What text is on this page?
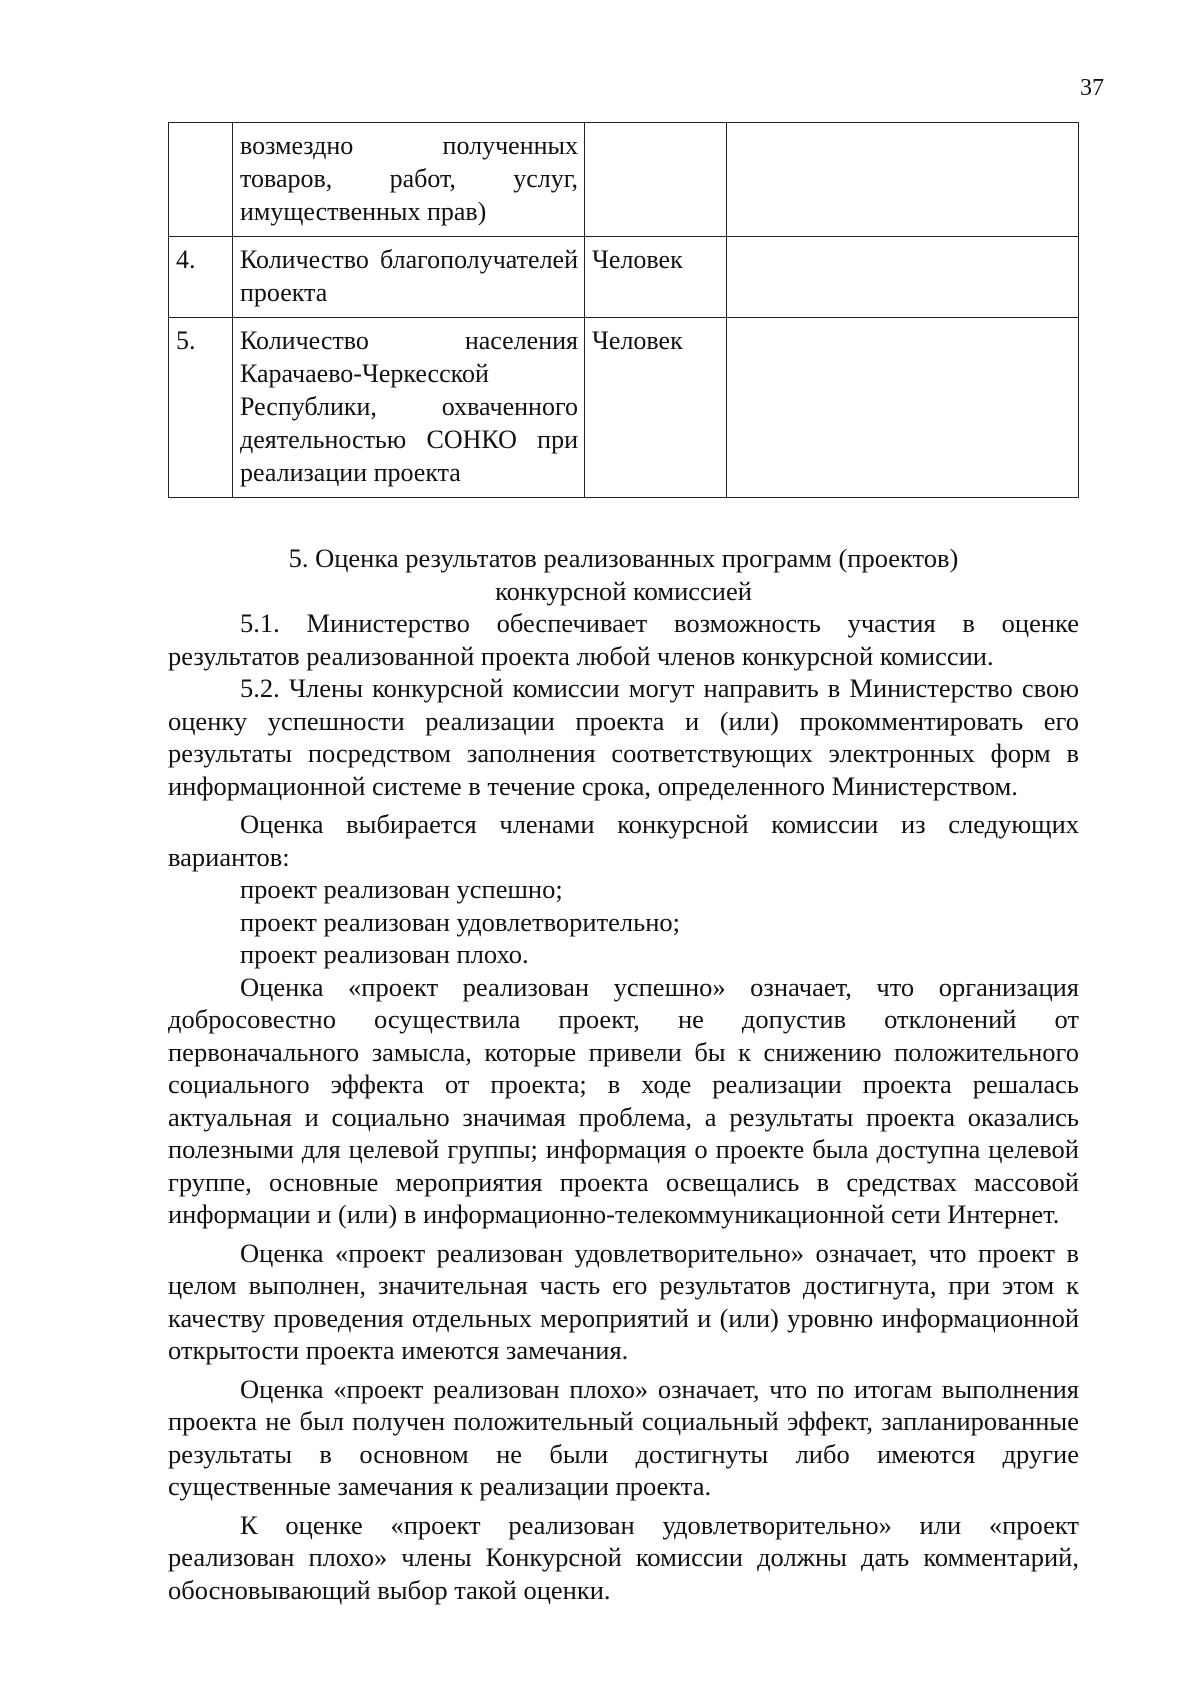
37
	возмездно полученных товаров, работ, услуг, имущественных прав)		
4.	Количество благополучателей проекта	Человек	
5.	Количество населения Карачаево-Черкесской Республики, охваченного деятельностью СОНКО при реализации проекта	Человек	

5. Оценка результатов реализованных программ (проектов)

конкурсной комиссией

5.1. Министерство обеспечивает возможность участия в оценке результатов реализованной проекта любой членов конкурсной комиссии.

5.2. Члены конкурсной комиссии могут направить в Министерство свою оценку успешности реализации проекта и (или) прокомментировать его результаты посредством заполнения соответствующих электронных форм в информационной системе в течение срока, определенного Министерством.

Оценка выбирается членами конкурсной комиссии из следующих вариантов:

проект реализован успешно;

проект реализован удовлетворительно;

проект реализован плохо.

Оценка «проект реализован успешно» означает, что организация добросовестно осуществила проект, не допустив отклонений от первоначального замысла, которые привели бы к снижению положительного социального эффекта от проекта; в ходе реализации проекта решалась актуальная и социально значимая проблема, а результаты проекта оказались полезными для целевой группы; информация о проекте была доступна целевой группе, основные мероприятия проекта освещались в средствах массовой информации и (или) в информационно-телекоммуникационной сети Интернет.

Оценка «проект реализован удовлетворительно» означает, что проект в целом выполнен, значительная часть его результатов достигнута, при этом к качеству проведения отдельных мероприятий и (или) уровню информационной открытости проекта имеются замечания.

Оценка «проект реализован плохо» означает, что по итогам выполнения проекта не был получен положительный социальный эффект, запланированные результаты в основном не были достигнуты либо имеются другие существенные замечания к реализации проекта.

К оценке «проект реализован удовлетворительно» или «проект реализован плохо» члены Конкурсной комиссии должны дать комментарий, обосновывающий выбор такой оценки.
